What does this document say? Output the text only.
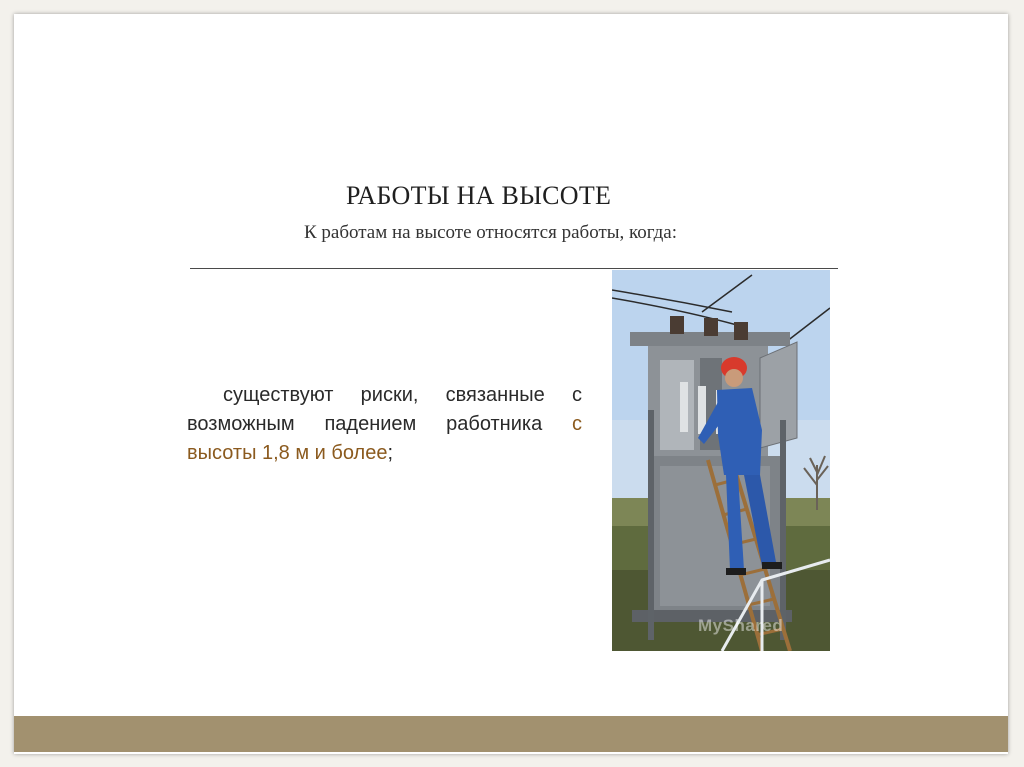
РАБОТЫ НА ВЫСОТЕ
К работам на высоте относятся работы, когда:
существуют риски, связанные с возможным падением работника с высоты 1,8 м и более;
MyShared
